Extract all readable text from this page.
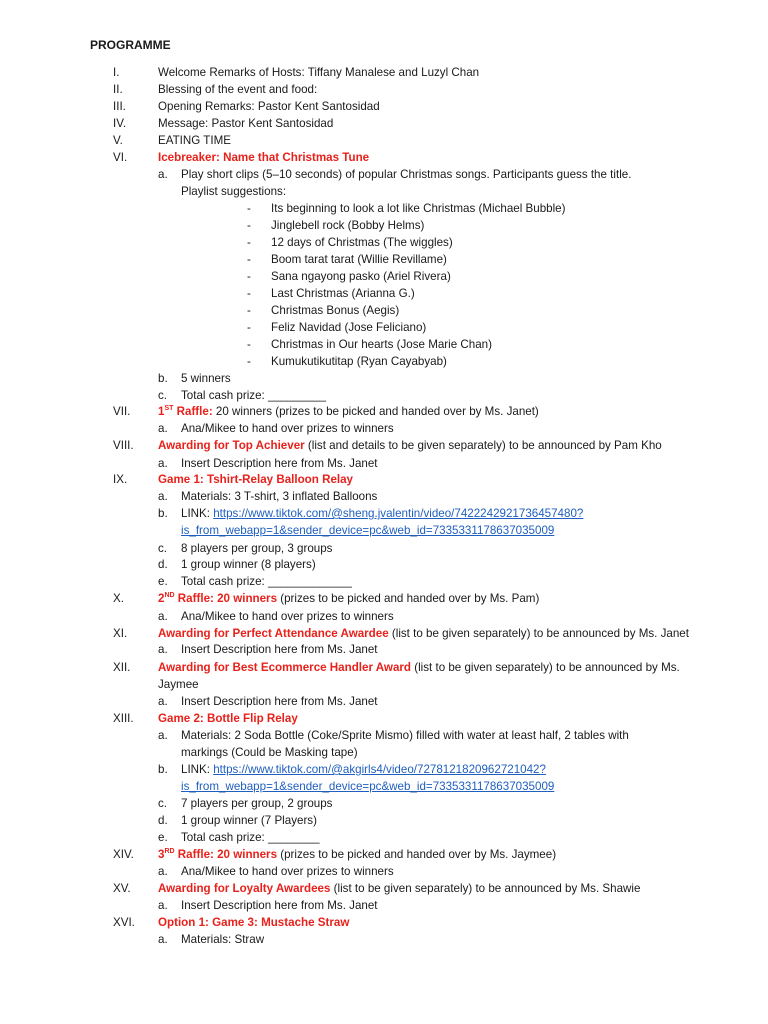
PROGRAMME
I.	Welcome Remarks of Hosts: Tiffany Manalese and Luzyl Chan
II.	Blessing of the event and food:
III.	Opening Remarks: Pastor Kent Santosidad
IV.	Message: Pastor Kent Santosidad
V.	EATING TIME
VI.	Icebreaker: Name that Christmas Tune
a. Play short clips (5–10 seconds) of popular Christmas songs. Participants guess the title.
Playlist suggestions:
- Its beginning to look a lot like Christmas (Michael Bubble)
- Jinglebell rock (Bobby Helms)
- 12 days of Christmas (The wiggles)
- Boom tarat tarat (Willie Revillame)
- Sana ngayong pasko (Ariel Rivera)
- Last Christmas (Arianna G.)
- Christmas Bonus (Aegis)
- Feliz Navidad (Jose Feliciano)
- Christmas in Our hearts (Jose Marie Chan)
- Kumukutikutitap (Ryan Cayabyab)
b. 5 winners
c. Total cash prize: _________
VII. 1ST Raffle: 20 winners (prizes to be picked and handed over by Ms. Janet)
a. Ana/Mikee to hand over prizes to winners
VIII. Awarding for Top Achiever (list and details to be given separately) to be announced by Pam Kho
a. Insert Description here from Ms. Janet
IX.	Game 1: Tshirt-Relay Balloon Relay
a. Materials: 3 T-shirt, 3 inflated Balloons
b. LINK: https://www.tiktok.com/@sheng.jvalentin/video/7422242921736457480?
is_from_webapp=1&sender_device=pc&web_id=7335331178637035009
c. 8 players per group, 3 groups
d. 1 group winner (8 players)
e. Total cash prize: _____________
X.	2ND Raffle: 20 winners (prizes to be picked and handed over by Ms. Pam)
a. Ana/Mikee to hand over prizes to winners
XI.	Awarding for Perfect Attendance Awardee (list to be given separately) to be announced by Ms. Janet
a. Insert Description here from Ms. Janet
XII. Awarding for Best Ecommerce Handler Award (list to be given separately) to be announced by Ms.
Jaymee
a. Insert Description here from Ms. Janet
XIII. Game 2: Bottle Flip Relay
a. Materials: 2 Soda Bottle (Coke/Sprite Mismo) filled with water at least half, 2 tables with
markings (Could be Masking tape)
b. LINK: https://www.tiktok.com/@akgirls4/video/7278121820962721042?
is_from_webapp=1&sender_device=pc&web_id=7335331178637035009
c. 7 players per group, 2 groups
d. 1 group winner (7 Players)
e. Total cash prize: ________
XIV. 3RD Raffle: 20 winners (prizes to be picked and handed over by Ms. Jaymee)
a. Ana/Mikee to hand over prizes to winners
XV. Awarding for Loyalty Awardees (list to be given separately) to be announced by Ms. Shawie
a. Insert Description here from Ms. Janet
XVI. Option 1: Game 3: Mustache Straw
a. Materials: Straw
